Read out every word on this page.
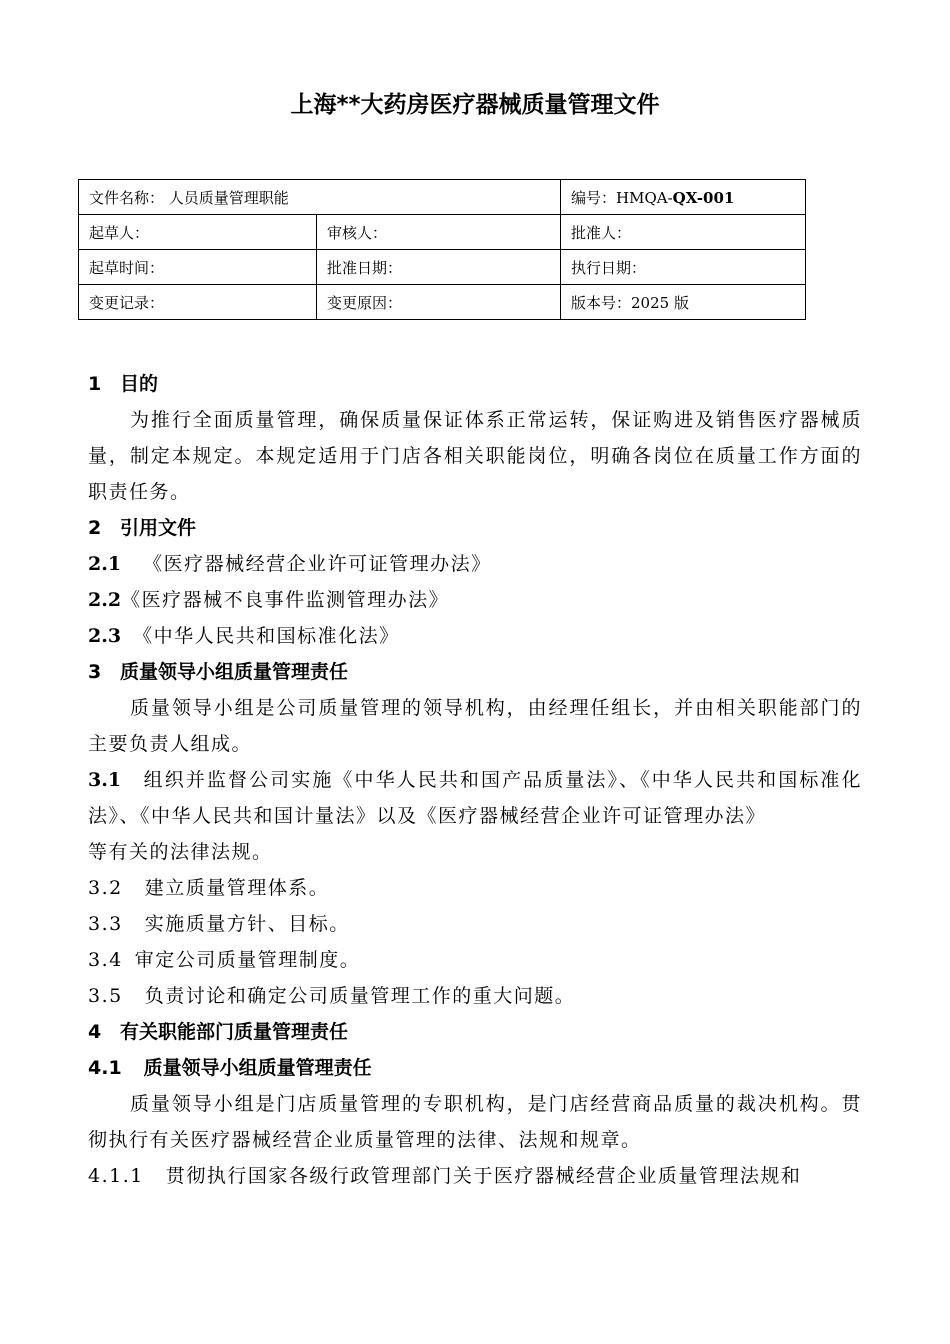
上海**大药房医疗器械质量管理文件
文件名称： 人员质量管理职能		编号：HMQA-QX-001
起草人：	审核人：	批准人：
起草时间：	批准日期：	执行日期：
变更记录：	变更原因：	版本号：2025 版
1 目的
为推行全面质量管理，确保质量保证体系正常运转，保证购进及销售医疗器械质量，制定本规定。本规定适用于门店各相关职能岗位，明确各岗位在质量工作方面的职责任务。
2 引用文件
2.1 《医疗器械经营企业许可证管理办法》
2.2《医疗器械不良事件监测管理办法》
2.3 《中华人民共和国标准化法》
3 质量领导小组质量管理责任
质量领导小组是公司质量管理的领导机构，由经理任组长，并由相关职能部门的主要负责人组成。
3.1 组织并监督公司实施《中华人民共和国产品质量法》、《中华人民共和国标准化法》、《中华人民共和国计量法》以及《医疗器械经营企业许可证管理办法》
等有关的法律法规。
3.2 建立质量管理体系。
3.3 实施质量方针、目标。
3.4 审定公司质量管理制度。
3.5 负责讨论和确定公司质量管理工作的重大问题。
4 有关职能部门质量管理责任
4.1 质量领导小组质量管理责任
质量领导小组是门店质量管理的专职机构，是门店经营商品质量的裁决机构。贯彻执行有关医疗器械经营企业质量管理的法律、法规和规章。
4.1.1 贯彻执行国家各级行政管理部门关于医疗器械经营企业质量管理法规和
